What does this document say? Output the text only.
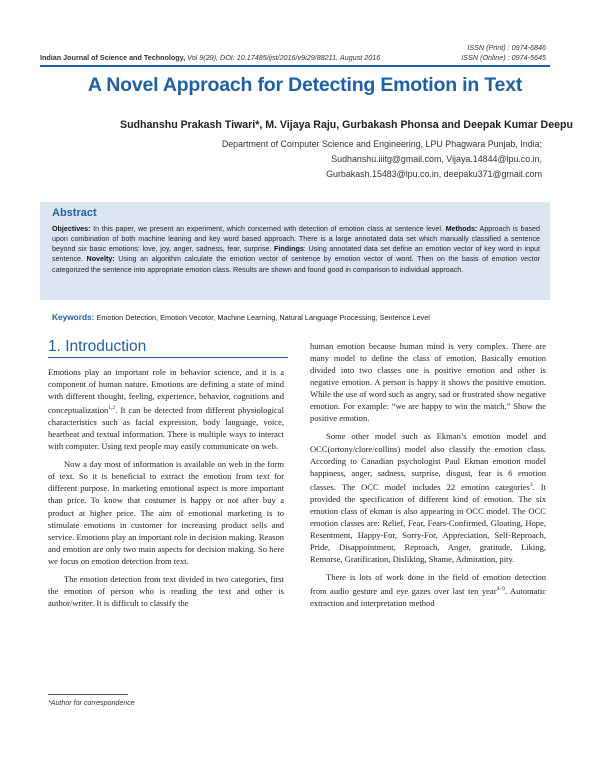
ISSN (Print) : 0974-6846
ISSN (Online) : 0974-5645
Indian Journal of Science and Technology, Vol 9(29), DOI: 10.17485/ijst/2016/v9i29/88211, August 2016
A Novel Approach for Detecting Emotion in Text
Sudhanshu Prakash Tiwari*, M. Vijaya Raju, Gurbakash Phonsa and Deepak Kumar Deepu
Department of Computer Science and Engineering, LPU Phagwara Punjab, India;
Sudhanshu.iiitg@gmail.com, Vijaya.14844@lpu.co.in,
Gurbakash.15483@lpu.co.in, deepaku371@gmail.com
Abstract
Objectives: In this paper, we present an experiment, which concerned with detection of emotion class at sentence level. Methods: Approach is based upon combination of both machine leaning and key word based approach. There is a large annotated data set which manually classified a sentence beyond six basic emotions: love, joy, anger, sadness, fear, surprise. Findings: Using annotated data set define an emotion vector of key word in input sentence. Novelty: Using an algorithm calculate the emotion vector of sentence by emotion vector of word. Then on the basis of emotion vector categorized the sentence into appropriate emotion class. Results are shown and found good in comparison to individual approach.
Keywords: Emotion Detection, Emotion Vecotor, Machine Learning, Natural Language Processing, Sentence Level
1. Introduction

Emotions play an important role in behavior science, and it is a component of human nature. Emotions are defining a state of mind with different thought, feeling, experience, behavior, cognitions and conceptualization$^{1,2}$. It can be detected from different physiological characteristics such as facial expression, body language, voice, heartbeat and textual information. There is multiple ways to interact with computer. Using text people may easily communicate on web.

Now a day most of information is available on web in the form of text. So it is beneficial to extract the emotion from text for different purpose. In marketing emotional aspect is more important than price. To know that costumer is happy or not after buy a product at higher price. The aim of emotional marketing is to stimulate emotions in customer for increasing product sells and service. Emotions play an important role in decision making. Reason and emotion are only two main aspects for decision making. So here we focus on emotion detection from text.

The emotion detection from text divided in two categories, first the emotion of person who is reading the text and other is author/writer. It is difficult to classify the

human emotion because human mind is very complex. There are many model to define the class of emotion. Basically emotion divided into two classes one is positive emotion and other is negative emotion. A person is happy it shows the positive emotion. While the use of word such as angry, sad or frustrated show negative emotion. For example: “we are happy to win the match.” Show the positive emotion.

Some other model such as Ekman’s emotion model and OCC(ortony/clore/collins) model also classify the emotion class. According to Canadian psychologist Paul Ekman emotion model happiness, anger, sadness, surprise, disgust, fear is 6 emotion classes. The OCC model includes 22 emotion categories$^3$. It provided the specification of different kind of emotion. The six emotion class of ekman is also appearing in OCC model. The OCC emotion classes are: Relief, Fear, Fears-Confirmed, Gloating, Hope, Resentment, Happy-For, Sorry-For, Appreciation, Self-Reproach, Pride, Disappointment, Reproach, Anger, gratitude, Liking, Remorse, Gratification, Disliking, Shame, Admiration, pity.

There is lots of work done in the field of emotion detection from audio gesture and eye gazes over last ten year$^{4-9}$. Automatic extraction and interpretation method

*Author for correspondence
